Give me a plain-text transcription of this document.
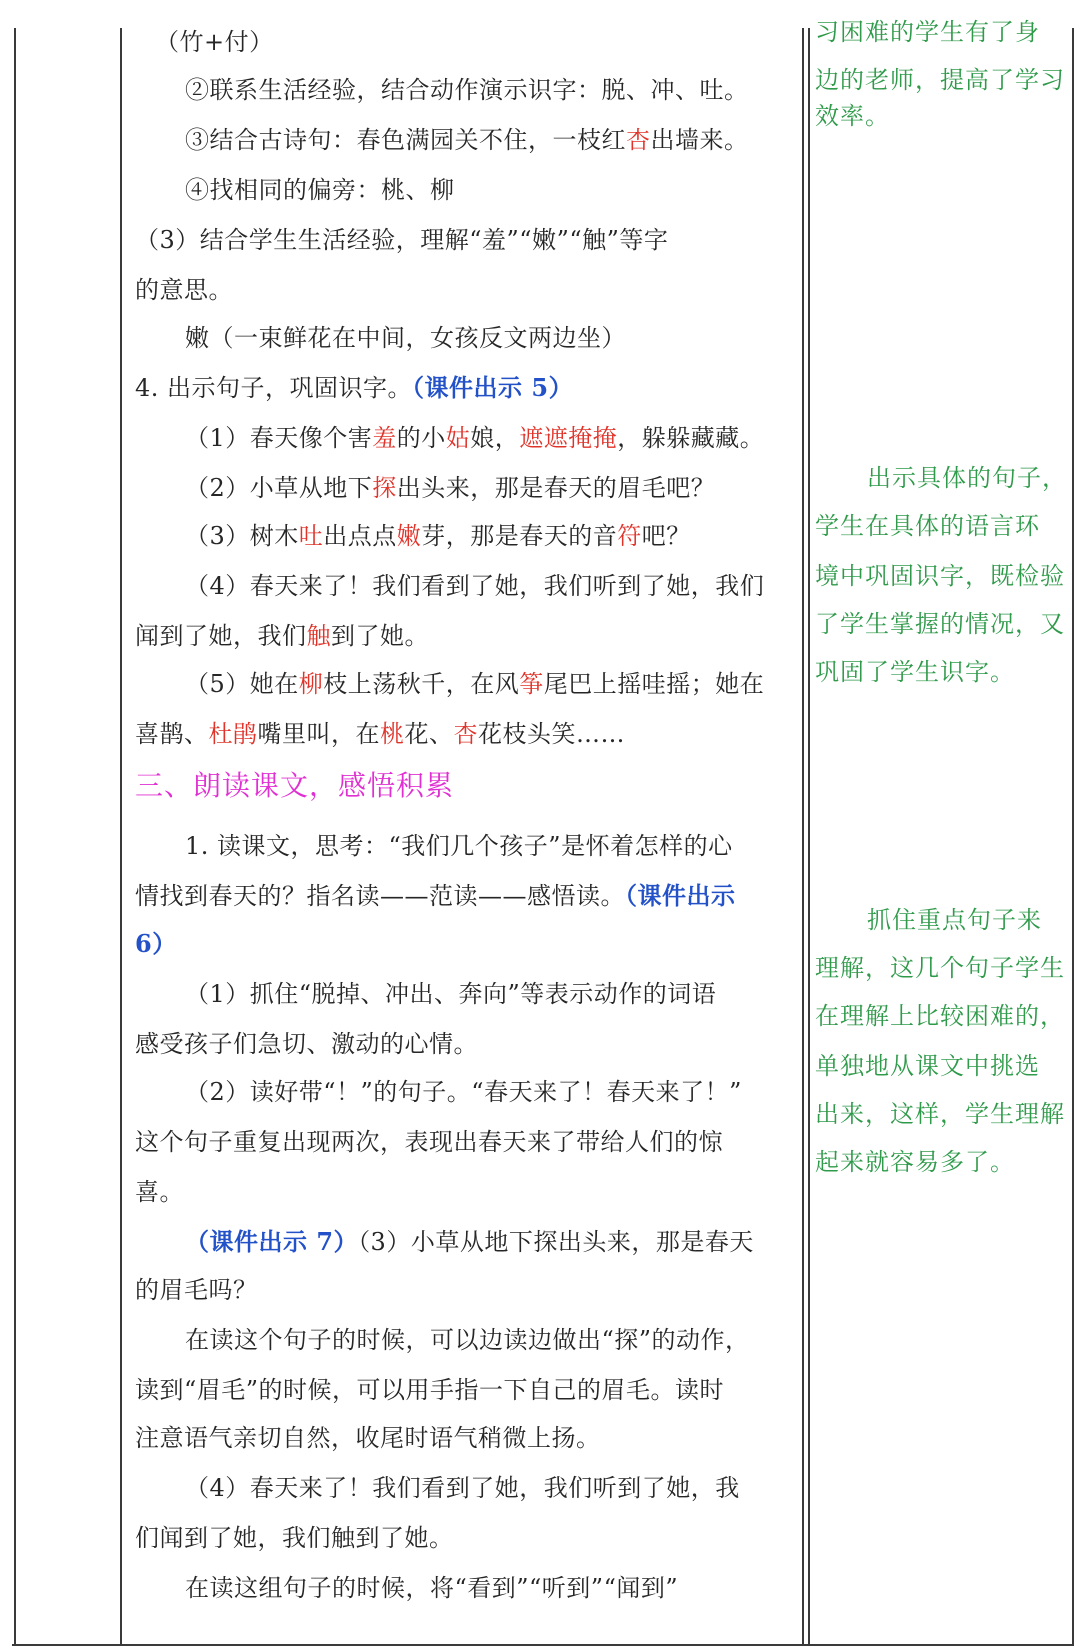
（竹+付）
②联系生活经验，结合动作演示识字：脱、冲、吐。
③结合古诗句：春色满园关不住，一枝红杏出墙来。
④找相同的偏旁：桃、柳
（3）结合学生生活经验，理解“羞”“嫩”“触”等字
的意思。
嫩（一束鲜花在中间，女孩反文两边坐）
4. 出示句子，巩固识字。（课件出示 5）
（1）春天像个害羞的小姑娘，遮遮掩掩，躲躲藏藏。
（2）小草从地下探出头来，那是春天的眉毛吧？
（3）树木吐出点点嫩芽，那是春天的音符吧？
（4）春天来了！我们看到了她，我们听到了她，我们
闻到了她，我们触到了她。
（5）她在柳枝上荡秋千，在风筝尾巴上摇哇摇；她在
喜鹊、杜鹃嘴里叫，在桃花、杏花枝头笑……
三、朗读课文，感悟积累
1. 读课文，思考：“我们几个孩子”是怀着怎样的心
情找到春天的？指名读——范读——感悟读。（课件出示
6）
（1）抓住“脱掉、冲出、奔向”等表示动作的词语
感受孩子们急切、激动的心情。
（2）读好带“！”的句子。“春天来了！春天来了！”
这个句子重复出现两次，表现出春天来了带给人们的惊
喜。
（课件出示 7）（3）小草从地下探出头来，那是春天
的眉毛吗？
在读这个句子的时候，可以边读边做出“探”的动作，
读到“眉毛”的时候，可以用手指一下自己的眉毛。读时
注意语气亲切自然，收尾时语气稍微上扬。
（4）春天来了！我们看到了她，我们听到了她，我
们闻到了她，我们触到了她。
在读这组句子的时候，将“看到”“听到”“闻到”
习困难的学生有了身
边的老师，提高了学习
效率。
出示具体的句子，
学生在具体的语言环
境中巩固识字，既检验
了学生掌握的情况，又
巩固了学生识字。
抓住重点句子来
理解，这几个句子学生
在理解上比较困难的，
单独地从课文中挑选
出来，这样，学生理解
起来就容易多了。
